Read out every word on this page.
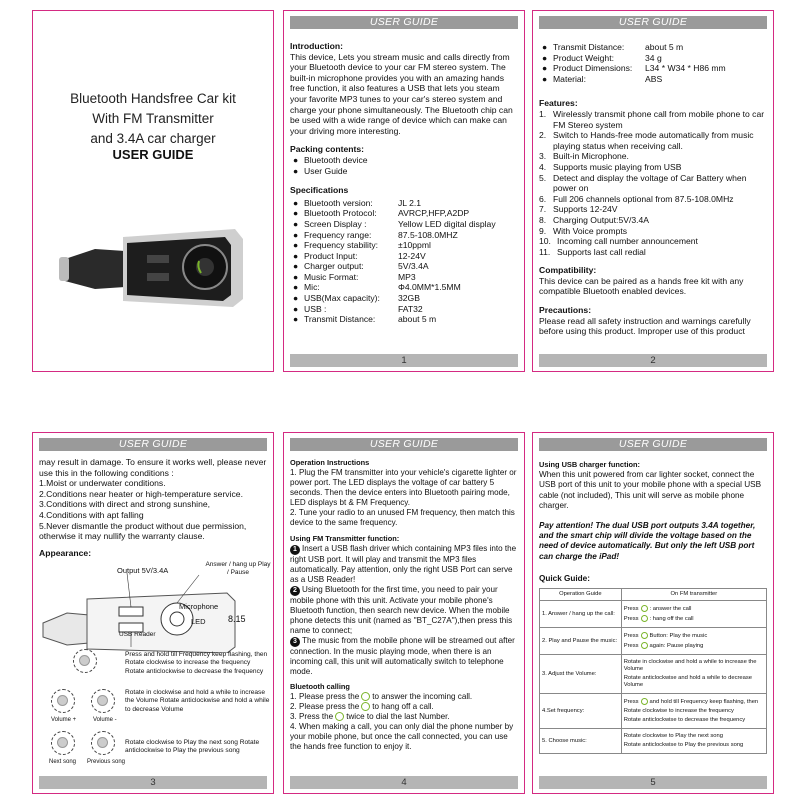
Bluetooth Handsfree Car kit
With FM Transmitter
and 3.4A car charger
USER GUIDE
USER GUIDE
Introduction:
This device, Lets you stream music and calls directly from your Bluetooth device to your car FM stereo system. The built-in microphone provides you with an amazing hands free function, it also features a USB that lets you steam your favorite MP3 tunes to your car's stereo system and charge your phone simultaneously. The Bluetooth chip can be used with a wide range of device which can make can your driving more interesting.
Packing contents:
● Bluetooth device
● User Guide
Specifications
● Bluetooth version:	JL 2.1
● Bluetooth Protocol:	AVRCP,HFP,A2DP
● Screen Display :	Yellow LED digital display
● Frequency range:	87.5-108.0MHZ
● Frequency stability:	±10ppml
● Product Input:	12-24V
● Charger output:	5V/3.4A
● Music Format:	MP3
● Mic:	Φ4.0MM*1.5MM
● USB(Max capacity):	32GB
● USB :	FAT32
● Transmit Distance:	about 5 m
1
USER GUIDE
● Transmit Distance:	about 5 m
● Product Weight:	34 g
● Product Dimensions:	L34 * W34 * H86 mm
● Material:	ABS
Features:
1. Wirelessly transmit phone call from mobile phone to car FM Stereo system
2. Switch to Hands-free mode automatically from music playing status when receiving call.
3. Built-in Microphone.
4. Supports music playing from USB
5. Detect and display the voltage of Car Battery when power on
6. Full 206 channels optional from 87.5-108.0MHz
7. Supports 12-24V
8. Charging Output:5V/3.4A
9. With Voice prompts
10. Incoming call number announcement
11. Supports last call redial
Compatibility:
This device can be paired as a hands free kit with any compatible Bluetooth enabled devices.
Precautions:
Please read all safety instruction and warnings carefully before using this product. Improper use of this product
2
USER GUIDE
may result in damage. To ensure it works well, please never use this in the following conditions :
1.Moist or underwater conditions.
2.Conditions near heater or high-temperature service.
3.Conditions with direct and strong sunshine,
4.Conditions with apt falling
5.Never dismantle the product without due permission, otherwise it may nullify the warranty clause.
Appearance:
Output 5V/3.4A
Answer / hang up Play / Pause
Microphone
LED 8.15
USB Reader
Press and hold till Frequency keep flashing, then Rotate clockwise to increase the frequency Rotate anticlockwise to decrease the frequency
Volume +	Volume -
Rotate in clockwise and hold a while to increase the Volume Rotate anticlockwise and hold a while to decrease Volume
Next song Previous song
Rotate clockwise to Play the next song Rotate anticlockwise to Play the previous song
3
USER GUIDE
Operation Instructions
1. Plug the FM transmitter into your vehicle's cigarette lighter or power port. The LED displays the voltage of car battery 5 seconds. Then the device enters into Bluetooth pairing mode, LED displays bt & FM Frequency.
2. Tune your radio to an unused FM frequency, then match this device to the same frequency.
Using FM Transmitter function:
1 Insert a USB flash driver which containing MP3 files into the right USB port. It will play and transmit the MP3 files automatically. Pay attention, only the right USB Port can serve as a USB Reader!
2 Using Bluetooth for the first time, you need to pair your mobile phone with this unit. Activate your mobile phone's Bluetooth function, then search new device. When the mobile phone detects this unit (named as "BT_C27A"),then press this name to connect;
3 The music from the mobile phone will be streamed out after connection. In the music playing mode, when there is an incoming call, this unit will automatically switch to telephone mode.
Bluetooth calling
1. Please press the to answer the incoming call.
2. Please press the to hang off a call.
3. Press the twice to dial the last Number.
4. When making a call, you can only dial the phone number by your mobile phone, but once the call connected, you can use the hands free function to enjoy it.
4
USER GUIDE
Using USB charger function:
When this unit powered from car lighter socket, connect the USB port of this unit to your mobile phone with a special USB cable (not included), This unit will serve as mobile phone charger.
Pay attention! The dual USB port outputs 3.4A together, and the smart chip will divide the voltage based on the need of device automatically. But only the left USB port can charge the iPad!
Quick Guide:
Operation Guide	On FM transmitter
1. Answer / hang up the call:	Press : answer the call
Press : hang off the call

2. Play and Pause the music:	Press Button: Play the music
Press again: Pause playing

3. Adjust the Volume:	Rotate in clockwise and hold a while to increase the Volume
Rotate anticlockwise and hold a while to decrease Volume

4.Set frequency:	Press and hold till Frequency keep flashing, then
Rotate clockwise to increase the frequency
Rotate anticlockwise to decrease the frequency

5. Choose music:	Rotate clockwise to Play the next song
Rotate anticlockwise to Play the previous song
5
